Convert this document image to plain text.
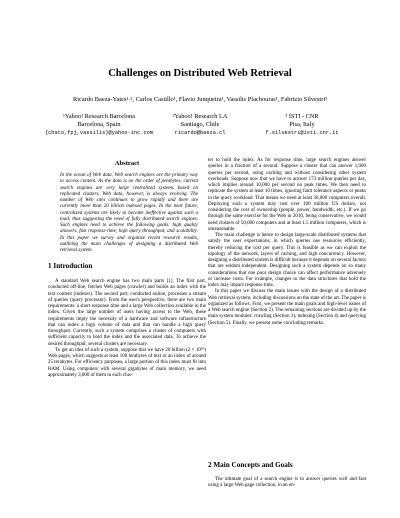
Challenges on Distributed Web Retrieval
Ricardo Baeza-Yates¹·², Carlos Castillo¹, Flavio Junqueira¹, Vassilis Plachouras¹, Fabrizio Silvestri³
¹Yahoo! Research Barcelona
Barcelona, Spain
{chato,fpj,vassilis}@yahoo-inc.com
²Yahoo! Research LA
Santiago, Chile
ricardo@baeza.cl
³ ISTI - CNR
Pisa, Italy
f.silvestri@isti.cnr.it
Abstract
In the ocean of Web data, Web search engines are the primary way to access content. As the data is on the order of petabytes, current search engines are very large centralized systems based on replicated clusters. Web data, however, is always evolving. The number of Web sites continues to grow rapidly and there are currently more than 20 billion indexed pages. In the near future, centralized systems are likely to become ineffective against such a load, thus suggesting the need of fully distributed search engines. Such engines need to achieve the following goals: high quality answers, fast response time, high query throughput, and scalability. In this paper we survey and organize recent research results, outlining the main challenges of designing a distributed Web retrieval system.
1 Introduction

A standard Web search engine has two main parts [1]. The first part, conducted off-line, fetches Web pages (crawler) and builds an index with the text content (indexer). The second part, conducted online, processes a stream of queries (query processor). From the user's perspective, there are two main requirements: a short response time and a large Web collection available in the index. Given the large number of users having access to the Web, these requirements imply the necessity of a hardware and software infrastructure that can index a high volume of data and that can handle a high query throughput. Currently, such a system comprises a cluster of computers with sufficient capacity to hold the index and the associated data. To achieve the desired throughput, several clusters are necessary.

To get an idea of such a system, suppose that we have 20 billion (2 × 10¹⁰) Web pages, which suggests at least 100 terabytes of text or an index of around 25 terabytes. For efficiency purposes, a large portion of this index must fit into RAM. Using computers with several gigabytes of main memory, we need approximately 3,000 of them in each clus-

ter to hold the index. As for response time, large search engines answer queries in a fraction of a second. Suppose a cluster that can answer 1,000 queries per second, using caching and without considering other system overheads. Suppose now that we have to answer 173 million queries per day, which implies around 10,000 per second on peak times. We then need to replicate the system at least 10 times, ignoring fault tolerance aspects or peaks in the query workload. That means we need at least 30,000 computers overall. Deploying such a system may cost over 100 million US dollars, not considering the cost of ownership (people, power, bandwidth, etc.). If we go through the same exercise for the Web in 2010, being conservative, we would need clusters of 50,000 computers and at least 1.5 million computers, which is unreasonable.

The main challenge is hence to design large-scale distributed systems that satisfy the user expectations, in which queries use resources efficiently, thereby reducing the cost per query. This is feasible as we can exploit the topology of the network, layers of caching, and high concurrency. However, designing a distributed system is difficult because it depends on several factors that are seldom independent. Designing such a system depends on so many considerations that one poor design choice can affect performance adversely or increase costs. For example, changes to the data structures that hold the index may impact response time.

In this paper we discuss the main issues with the design of a distributed Web retrieval system, including discussions on the state of the art. The paper is organized as follows. First, we present the main goals and high-level issues of a Web search engine (Section 2). The remaining sections are divided up by the main system modules: crawling (Section 3), indexing (Section 4) and querying (Section 5). Finally, we present some concluding remarks.

2 Main Concepts and Goals

The ultimate goal of a search engine is to answer queries well and fast using a large Web page collection, in an en-
